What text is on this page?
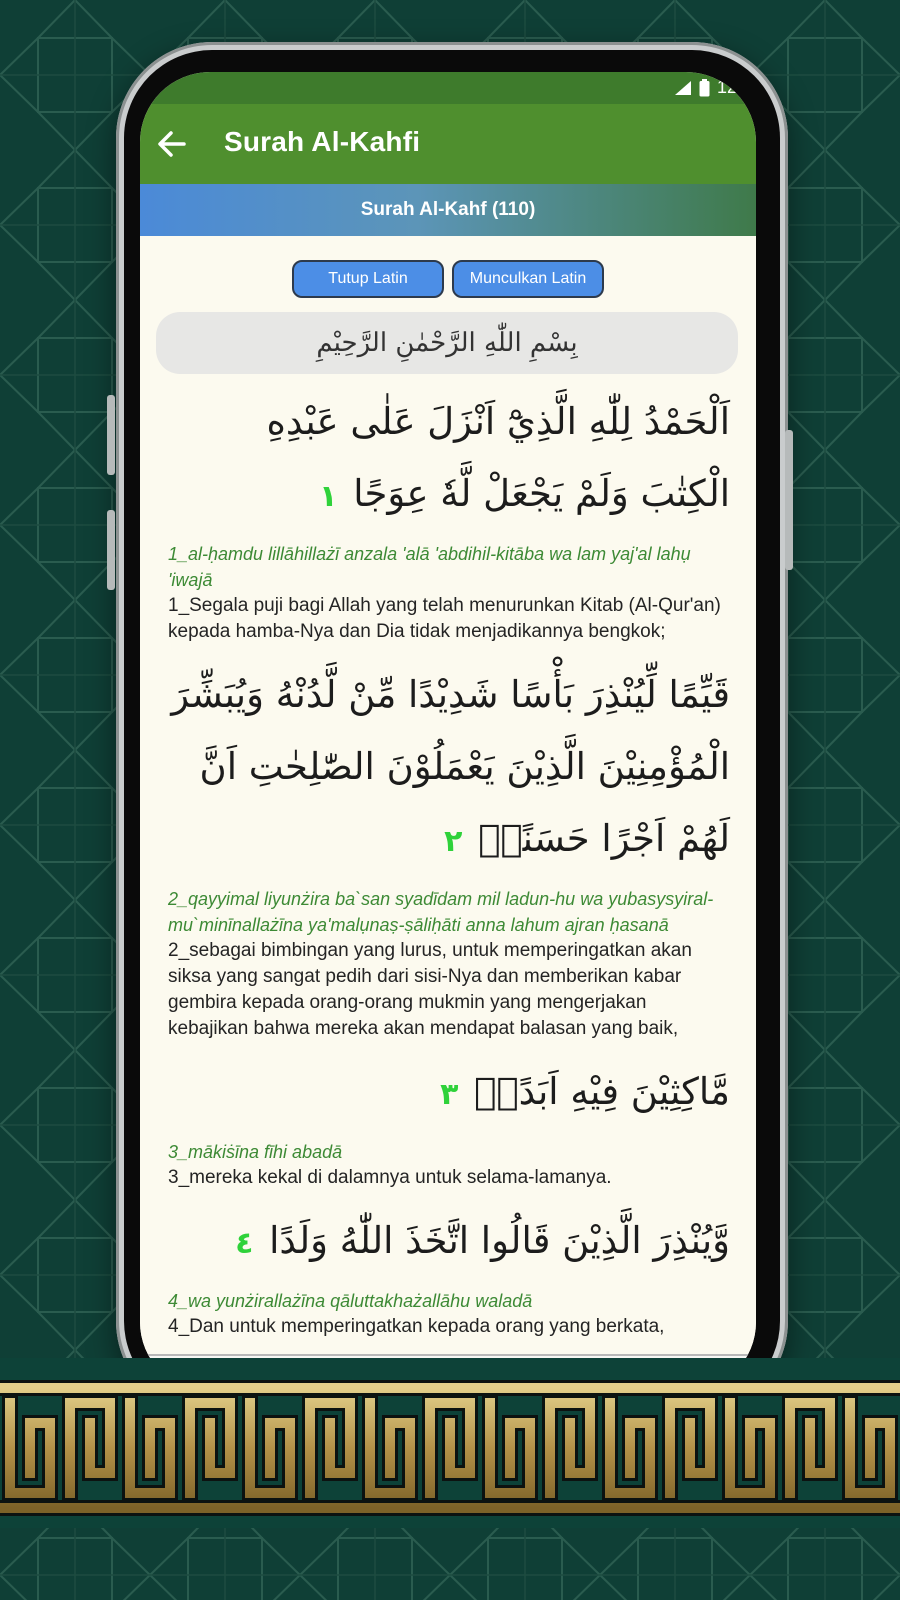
12:
Surah Al-Kahfi
Surah Al-Kahf (110)
Tutup Latin	Munculkan Latin
بِسْمِ اللّٰهِ الرَّحْمٰنِ الرَّحِيْمِ
اَلْحَمْدُ لِلّٰهِ الَّذِيْٓ اَنْزَلَ عَلٰى عَبْدِهِ الْكِتٰبَ وَلَمْ يَجْعَلْ لَّهٗ عِوَجًا ١
1_al-ḥamdu lillāhillażī anzala 'alā 'abdihil-kitāba wa lam yaj'al lahụ 'iwajā
1_Segala puji bagi Allah yang telah menurunkan Kitab (Al-Qur'an) kepada hamba-Nya dan Dia tidak menjadikannya bengkok;
قَيِّمًا لِّيُنْذِرَ بَأْسًا شَدِيْدًا مِّنْ لَّدُنْهُ وَيُبَشِّرَ الْمُؤْمِنِيْنَ الَّذِيْنَ يَعْمَلُوْنَ الصّٰلِحٰتِ اَنَّ لَهُمْ اَجْرًا حَسَنًاۙ ٢
2_qayyimal liyunżira ba`san syadīdam mil ladun-hu wa yubasysyiral-mu`minīnallażīna ya'malụnaṣ-ṣāliḥāti anna lahum ajran ḥasanā
2_sebagai bimbingan yang lurus, untuk memperingatkan akan siksa yang sangat pedih dari sisi-Nya dan memberikan kabar gembira kepada orang-orang mukmin yang mengerjakan kebajikan bahwa mereka akan mendapat balasan yang baik,
مَّاكِثِيْنَ فِيْهِ اَبَدًاۙ ٣
3_mākiṡīna fīhi abadā
3_mereka kekal di dalamnya untuk selama-lamanya.
وَّيُنْذِرَ الَّذِيْنَ قَالُوا اتَّخَذَ اللّٰهُ وَلَدًا ٤
4_wa yunżirallażīna qāluttakhażallāhu waladā
4_Dan untuk memperingatkan kepada orang yang berkata,
